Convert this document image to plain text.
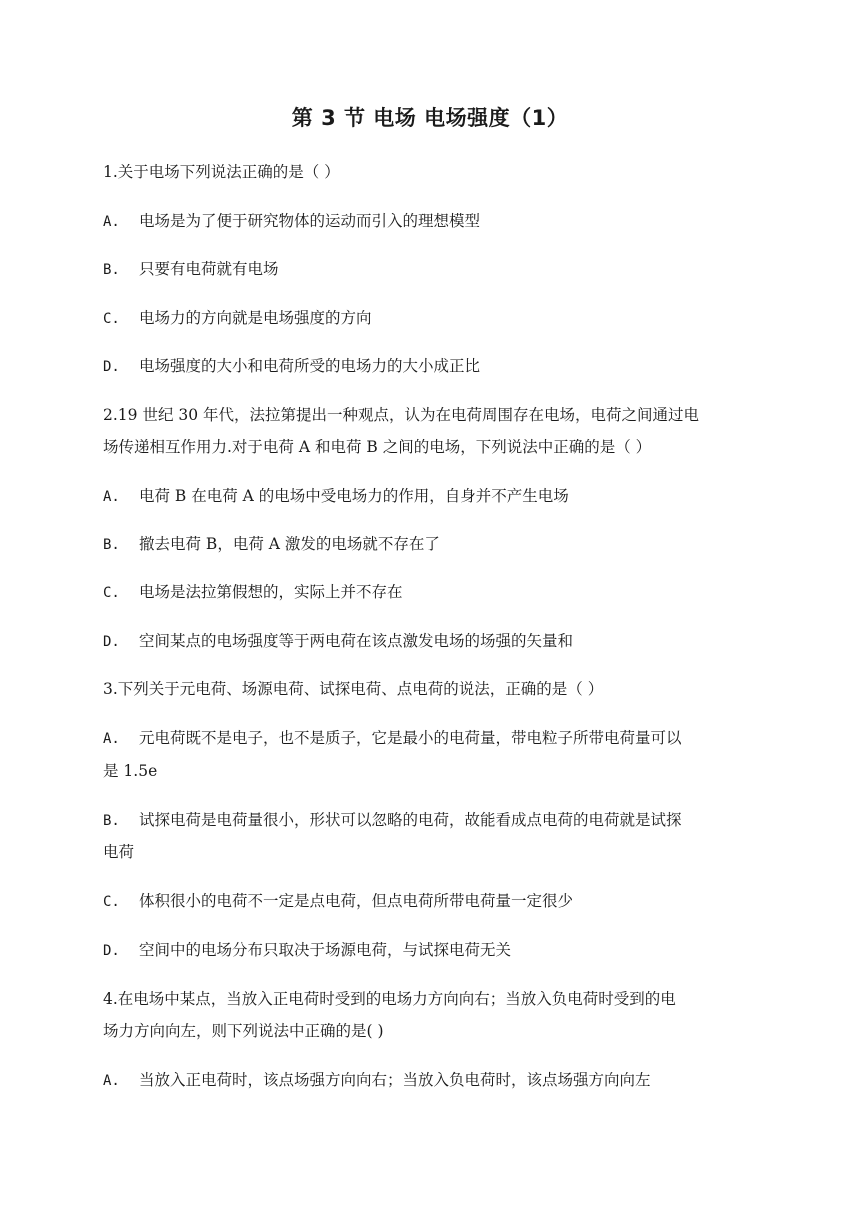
第 3 节 电场 电场强度（1）
1.关于电场下列说法正确的是（ ）
A. 电场是为了便于研究物体的运动而引入的理想模型
B. 只要有电荷就有电场
C. 电场力的方向就是电场强度的方向
D. 电场强度的大小和电荷所受的电场力的大小成正比
2.19 世纪 30 年代，法拉第提出一种观点，认为在电荷周围存在电场，电荷之间通过电
场传递相互作用力.对于电荷 A 和电荷 B 之间的电场，下列说法中正确的是（ ）
A. 电荷 B 在电荷 A 的电场中受电场力的作用，自身并不产生电场
B. 撤去电荷 B，电荷 A 激发的电场就不存在了
C. 电场是法拉第假想的，实际上并不存在
D. 空间某点的电场强度等于两电荷在该点激发电场的场强的矢量和
3.下列关于元电荷、场源电荷、试探电荷、点电荷的说法，正确的是（ ）
A. 元电荷既不是电子，也不是质子，它是最小的电荷量，带电粒子所带电荷量可以
是 1.5e
B. 试探电荷是电荷量很小，形状可以忽略的电荷，故能看成点电荷的电荷就是试探
电荷
C. 体积很小的电荷不一定是点电荷，但点电荷所带电荷量一定很少
D. 空间中的电场分布只取决于场源电荷，与试探电荷无关
4.在电场中某点，当放入正电荷时受到的电场力方向向右；当放入负电荷时受到的电
场力方向向左，则下列说法中正确的是( )
A. 当放入正电荷时，该点场强方向向右；当放入负电荷时，该点场强方向向左
